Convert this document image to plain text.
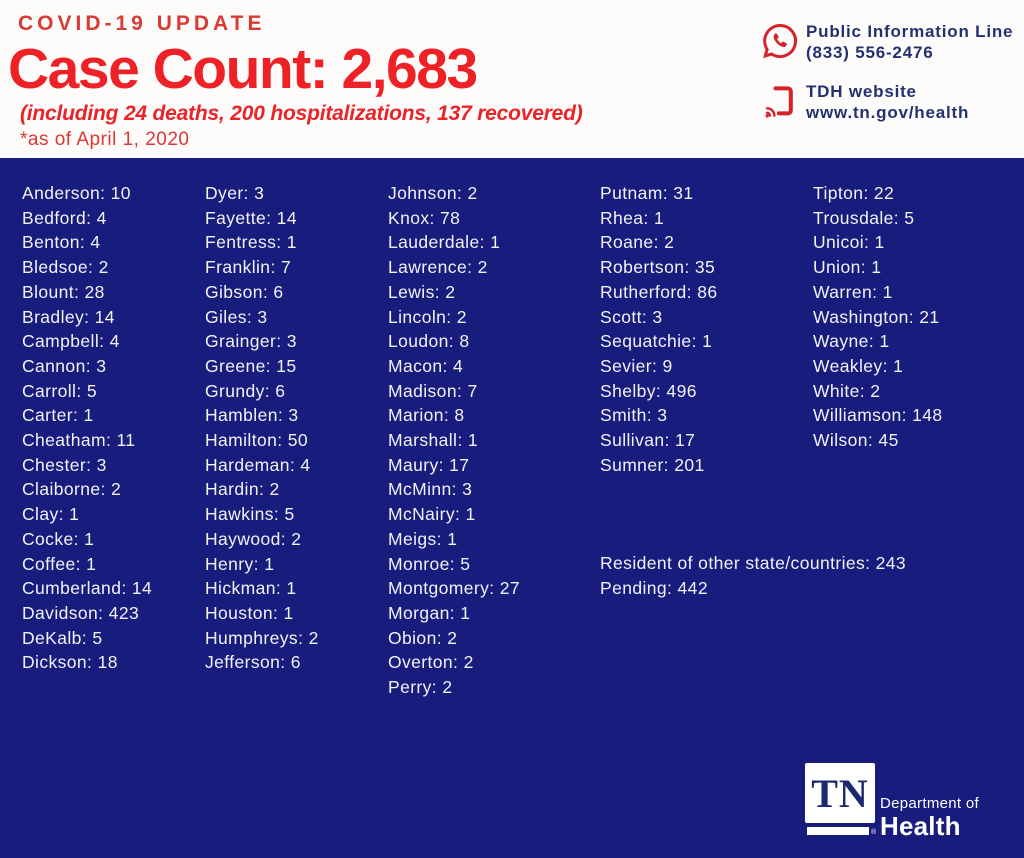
COVID-19 UPDATE
Case Count: 2,683
(including 24 deaths, 200 hospitalizations, 137 recovered)
*as of April 1, 2020
Public Information Line
(833) 556-2476
TDH website
www.tn.gov/health
Anderson: 10
Bedford: 4
Benton: 4
Bledsoe: 2
Blount: 28
Bradley: 14
Campbell: 4
Cannon: 3
Carroll: 5
Carter: 1
Cheatham: 11
Chester: 3
Claiborne: 2
Clay: 1
Cocke: 1
Coffee: 1
Cumberland: 14
Davidson: 423
DeKalb: 5
Dickson: 18
Dyer: 3
Fayette: 14
Fentress: 1
Franklin: 7
Gibson: 6
Giles: 3
Grainger: 3
Greene: 15
Grundy: 6
Hamblen: 3
Hamilton: 50
Hardeman: 4
Hardin: 2
Hawkins: 5
Haywood: 2
Henry: 1
Hickman: 1
Houston: 1
Humphreys: 2
Jefferson: 6
Johnson: 2
Knox: 78
Lauderdale: 1
Lawrence: 2
Lewis: 2
Lincoln: 2
Loudon: 8
Macon: 4
Madison: 7
Marion: 8
Marshall: 1
Maury: 17
McMinn: 3
McNairy: 1
Meigs: 1
Monroe: 5
Montgomery: 27
Morgan: 1
Obion: 2
Overton: 2
Perry: 2
Putnam: 31
Rhea: 1
Roane: 2
Robertson: 35
Rutherford: 86
Scott: 3
Sequatchie: 1
Sevier: 9
Shelby: 496
Smith: 3
Sullivan: 17
Sumner: 201
Tipton: 22
Trousdale: 5
Unicoi: 1
Union: 1
Warren: 1
Washington: 21
Wayne: 1
Weakley: 1
White: 2
Williamson: 148
Wilson: 45
Resident of other state/countries: 243
Pending: 442
TN
®
Department of
Health
